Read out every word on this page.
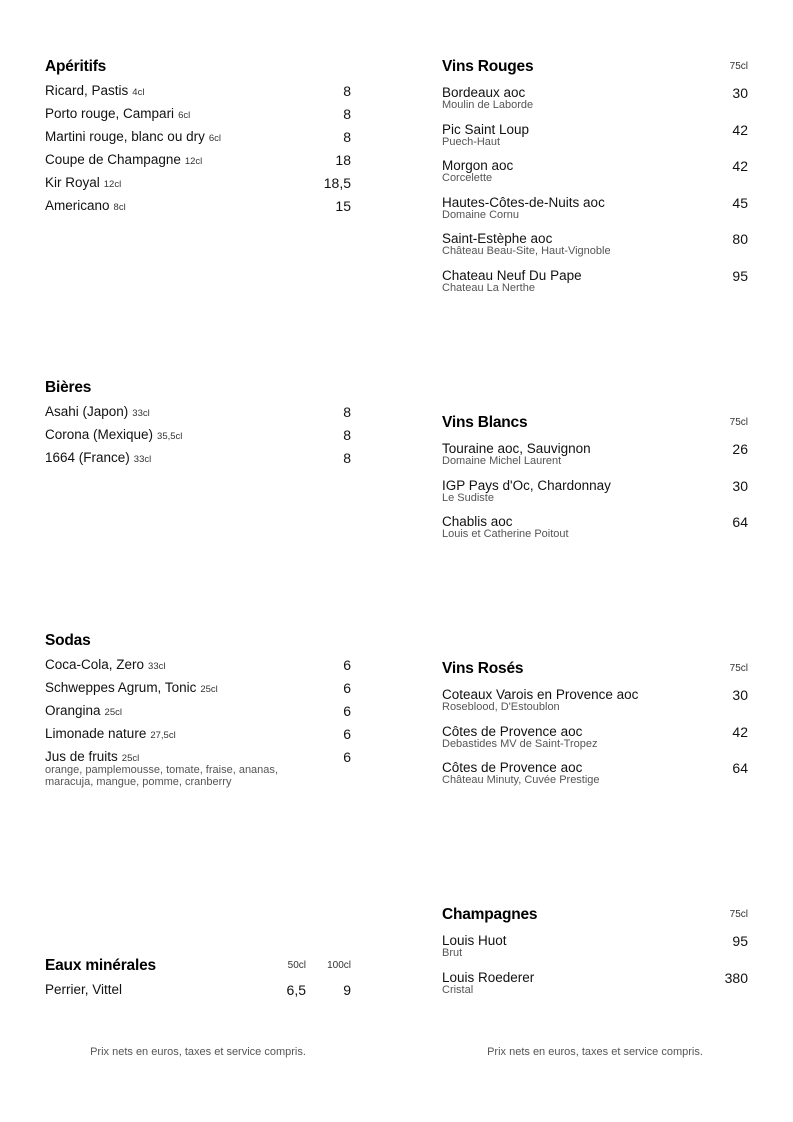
Apéritifs
Ricard, Pastis 4cl	8
Porto rouge, Campari 6cl	8
Martini rouge, blanc ou dry 6cl	8
Coupe de Champagne 12cl	18
Kir Royal 12cl	18,5
Americano 8cl	15
Bières
Asahi (Japon) 33cl	8
Corona (Mexique) 35,5cl	8
1664 (France) 33cl	8
Sodas
Coca-Cola, Zero 33cl	6
Schweppes Agrum, Tonic 25cl	6
Orangina 25cl	6
Limonade nature 27,5cl	6
Jus de fruits 25cl	6
orange, pamplemousse, tomate, fraise, ananas,
maracuja, mangue, pomme, cranberry
Eaux minérales	50cl 100cl
Perrier, Vittel	6,5	9
Prix nets en euros, taxes et service compris.
Vins Rouges	75cl
Bordeaux aoc
Moulin de Laborde
30
Pic Saint Loup
Puech-Haut
42
Morgon aoc
Corcelette
42
Hautes-Côtes-de-Nuits aoc
Domaine Cornu
45
Saint-Estèphe aoc
Château Beau-Site, Haut-Vignoble
80
Chateau Neuf Du Pape
Chateau La Nerthe
95
Vins Blancs	75cl
Touraine aoc, Sauvignon
Domaine Michel Laurent
26
IGP Pays d'Oc, Chardonnay
Le Sudiste
30
Chablis aoc
Louis et Catherine Poitout
64
Vins Rosés	75cl
Coteaux Varois en Provence aoc
Roseblood, D'Estoublon
30
Côtes de Provence aoc
Debastides MV de Saint-Tropez
42
Côtes de Provence aoc
Château Minuty, Cuvée Prestige
64
Champagnes	75cl
Louis Huot
Brut
95
Louis Roederer
Cristal
380
Prix nets en euros, taxes et service compris.
